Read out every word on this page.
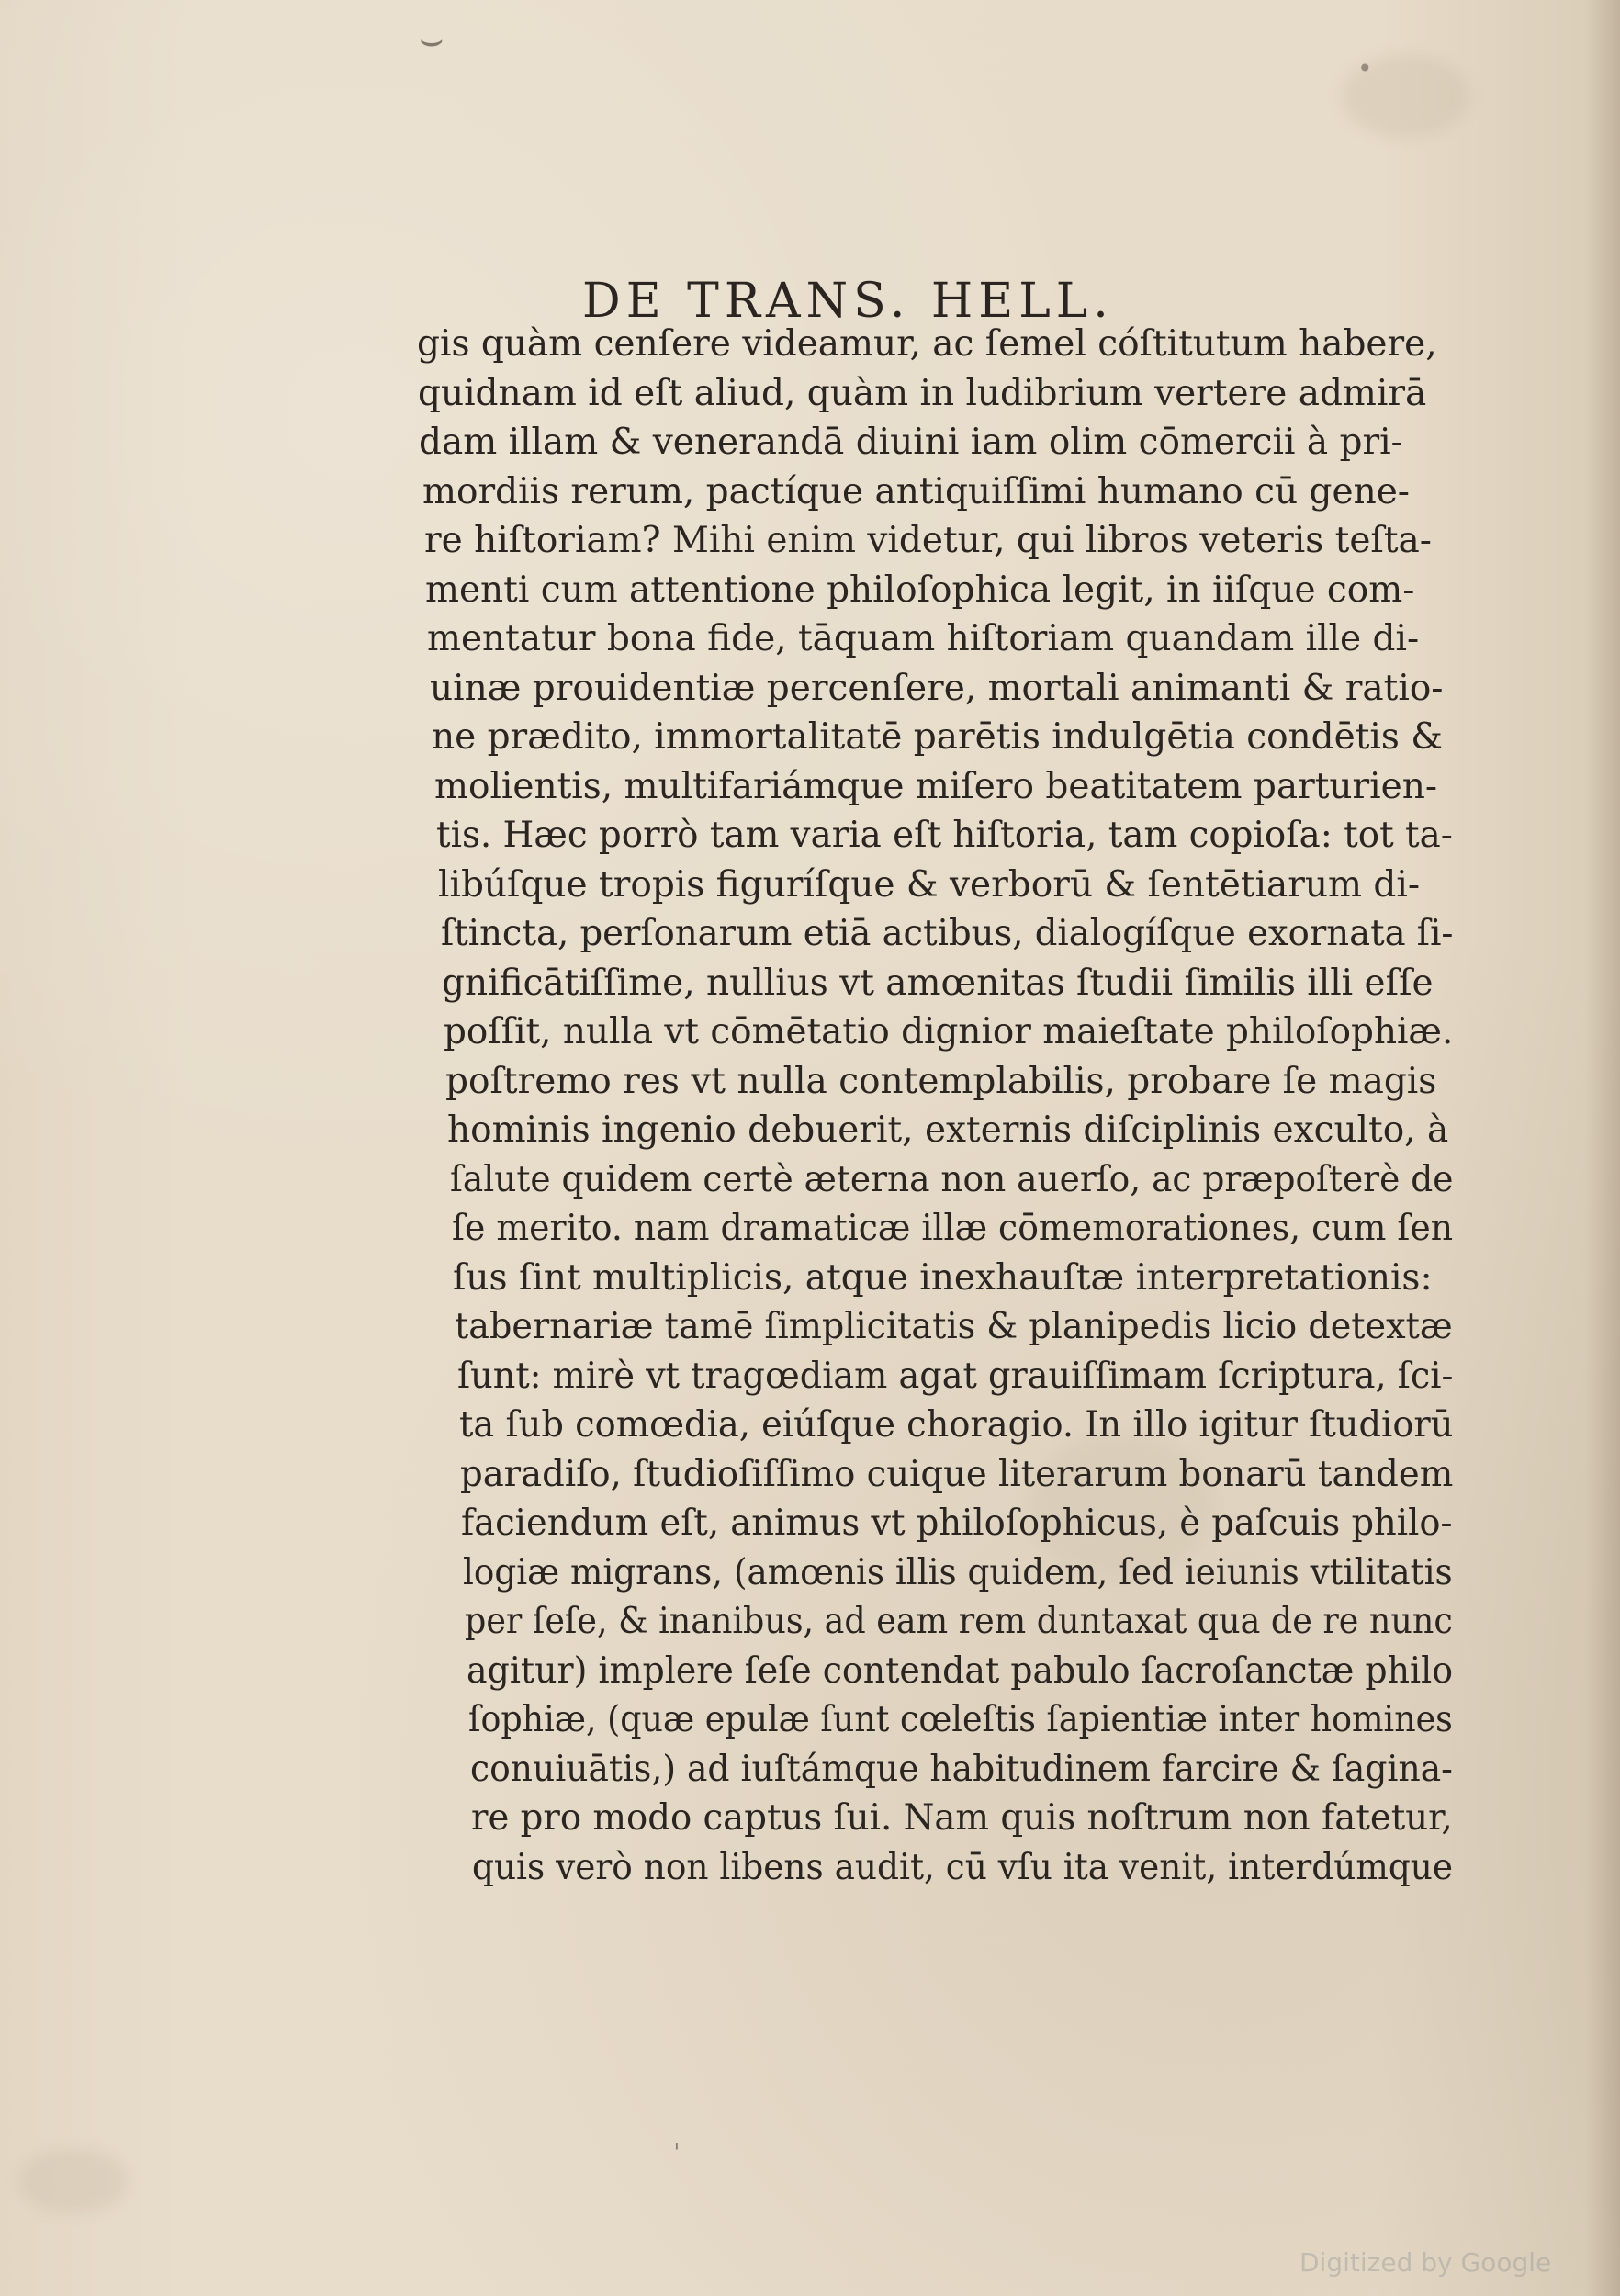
⌣
•
ˈ
DE TRANS. HELL.
gis quàm cenſere videamur, ac ſemel cóſtitutum habere,
quidnam id eſt aliud, quàm in ludibrium vertere admirā
dam illam & venerandā diuini iam olim cōmercii à pri-
mordiis rerum, pactíque antiquiſſimi humano cū gene-
re hiſtoriam? Mihi enim videtur, qui libros veteris teſta-
menti cum attentione philoſophica legit, in iiſque com-
mentatur bona fide, tāquam hiſtoriam quandam ille di-
uinæ prouidentiæ percenſere, mortali animanti & ratio-
ne prædito, immortalitatē parētis indulgētia condētis &
molientis, multifariámque miſero beatitatem parturien-
tis. Hæc porrò tam varia eſt hiſtoria, tam copioſa: tot ta-
libúſque tropis figuríſque & verborū & ſentētiarum di-
ſtincta, perſonarum etiā actibus, dialogíſque exornata ſi-
gnificātiſſime, nullius vt amœnitas ſtudii ſimilis illi eſſe
poſſit, nulla vt cōmētatio dignior maieſtate philoſophiæ.
poſtremo res vt nulla contemplabilis, probare ſe magis
hominis ingenio debuerit, externis diſciplinis exculto, à
ſalute quidem certè æterna non auerſo, ac præpoſterè de
ſe merito. nam dramaticæ illæ cōmemorationes, cum ſen
ſus ſint multiplicis, atque inexhauſtæ interpretationis:
tabernariæ tamē ſimplicitatis & planipedis licio detextæ
ſunt: mirè vt tragœdiam agat grauiſſimam ſcriptura, ſci-
ta ſub comœdia, eiúſque choragio. In illo igitur ſtudiorū
paradiſo, ſtudioſiſſimo cuique literarum bonarū tandem
faciendum eſt, animus vt philoſophicus, è paſcuis philo-
logiæ migrans, (amœnis illis quidem, ſed ieiunis vtilitatis
per ſeſe, & inanibus, ad eam rem duntaxat qua de re nunc
agitur) implere ſeſe contendat pabulo ſacroſanctæ philo
ſophiæ, (quæ epulæ ſunt cœleſtis ſapientiæ inter homines
conuiuātis,) ad iuſtámque habitudinem farcire & ſagina-
re pro modo captus ſui. Nam quis noſtrum non fatetur,
quis verò non libens audit, cū vſu ita venit, interdúmque
Digitized by Google
